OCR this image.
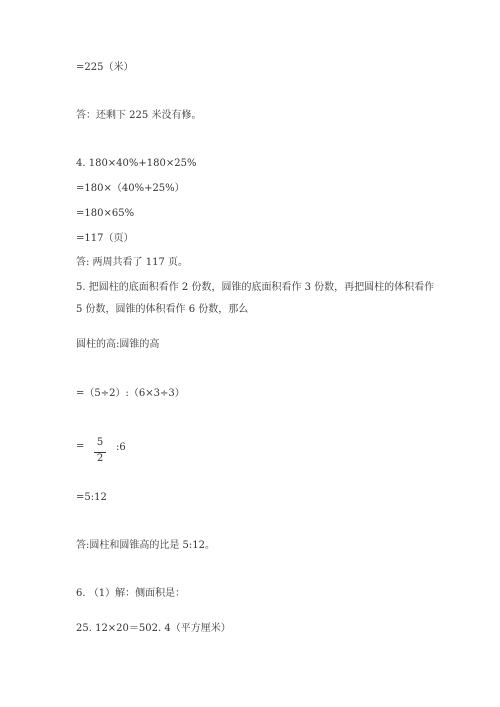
=225（米）
答：还剩下 225 米没有修。
4. 180×40%+180×25%
=180×（40%+25%）
=180×65%
=117（页）
答: 两周共看了 117 页。
5. 把圆柱的底面积看作 2 份数，圆锥的底面积看作 3 份数，再把圆柱的体积看作
5 份数，圆锥的体积看作 6 份数，那么
圆柱的高:圆锥的高
=（5÷2）:（6×3÷3）
= 5
2
:6
=5:12
答:圆柱和圆锥高的比是 5:12。
6. （1）解：侧面积是：
25. 12×20＝502. 4（平方厘米）
